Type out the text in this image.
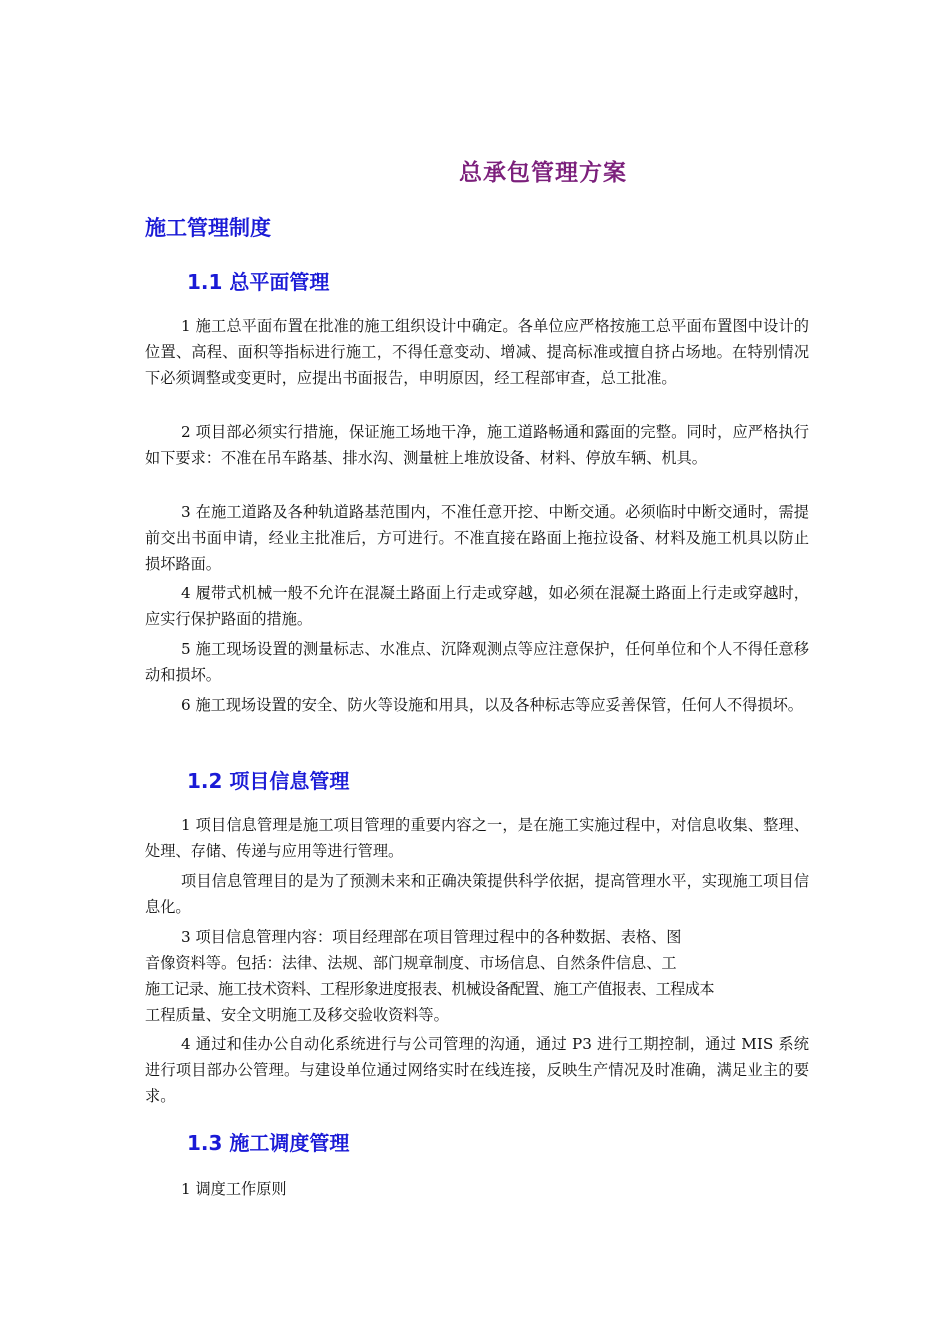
总承包管理方案
施工管理制度
1.1 总平面管理
1 施工总平面布置在批准的施工组织设计中确定。各单位应严格按施工总平面布置图中设计的位置、高程、面积等指标进行施工，不得任意变动、增减、提高标准或擅自挤占场地。在特别情况下必须调整或变更时，应提出书面报告，申明原因，经工程部审查，总工批准。
2 项目部必须实行措施，保证施工场地干净，施工道路畅通和露面的完整。同时，应严格执行如下要求：不准在吊车路基、排水沟、测量桩上堆放设备、材料、停放车辆、机具。
3 在施工道路及各种轨道路基范围内，不准任意开挖、中断交通。必须临时中断交通时，需提前交出书面申请，经业主批准后，方可进行。不准直接在路面上拖拉设备、材料及施工机具以防止损坏路面。
4 履带式机械一般不允许在混凝土路面上行走或穿越，如必须在混凝土路面上行走或穿越时，应实行保护路面的措施。
5 施工现场设置的测量标志、水准点、沉降观测点等应注意保护，任何单位和个人不得任意移动和损坏。
6 施工现场设置的安全、防火等设施和用具，以及各种标志等应妥善保管，任何人不得损坏。
1.2 项目信息管理
1 项目信息管理是施工项目管理的重要内容之一，是在施工实施过程中，对信息收集、整理、处理、存储、传递与应用等进行管理。
项目信息管理目的是为了预测未来和正确决策提供科学依据，提高管理水平，实现施工项目信息化。
3 项目信息管理内容：项目经理部在项目管理过程中的各种数据、表格、图
音像资料等。包括：法律、法规、部门规章制度、市场信息、自然条件信息、工
施工记录、施工技术资料、工程形象进度报表、机械设备配置、施工产值报表、工程成本
工程质量、安全文明施工及移交验收资料等。
4 通过和佳办公自动化系统进行与公司管理的沟通，通过 P3 进行工期控制，通过 MIS 系统进行项目部办公管理。与建设单位通过网络实时在线连接，反映生产情况及时准确，满足业主的要求。
1.3 施工调度管理
1 调度工作原则
